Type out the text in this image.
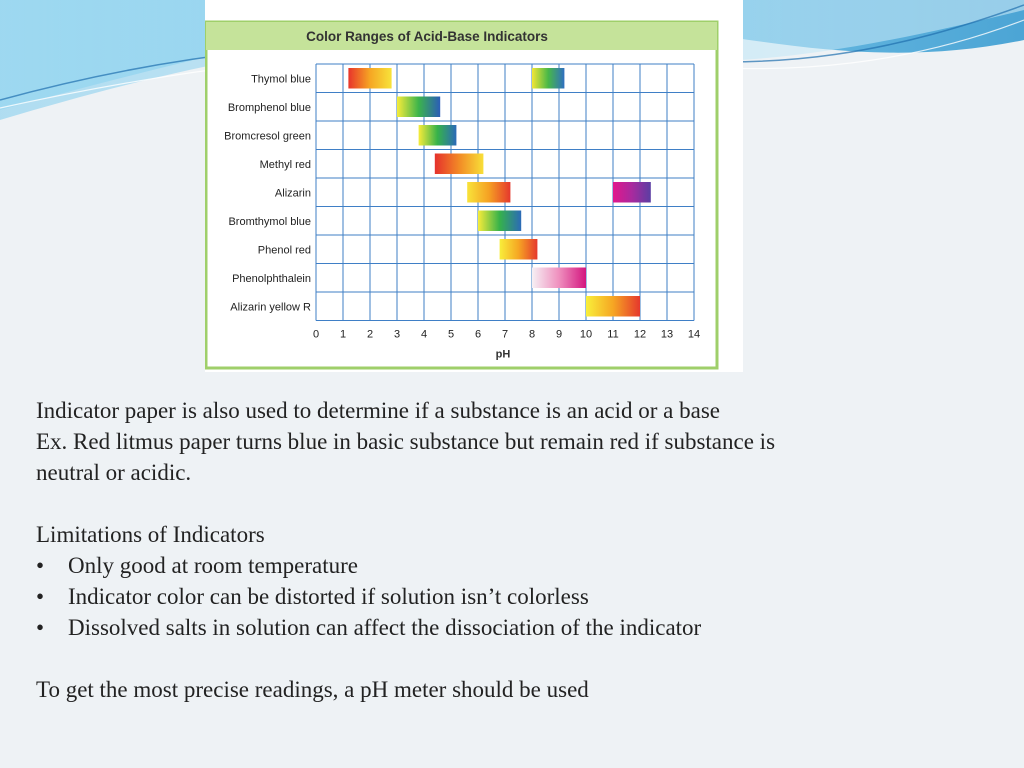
Color Ranges of Acid-Base Indicators
Thymol blue
Bromphenol blue
Bromcresol green
Methyl red
Alizarin
Bromthymol blue
Phenol red
Phenolphthalein
Alizarin yellow R
0 1 2 3 4 5 6 7 8 9 10 11 12 13 14
pH

Indicator paper is also used to determine if a substance is an acid or a base

Ex. Red litmus paper turns blue in basic substance but remain red if substance is

neutral or acidic.

Limitations of Indicators

•	Only good at room temperature
•	Indicator color can be distorted if solution isn’t colorless
•	Dissolved salts in solution can affect the dissociation of the indicator

To get the most precise readings, a pH meter should be used
